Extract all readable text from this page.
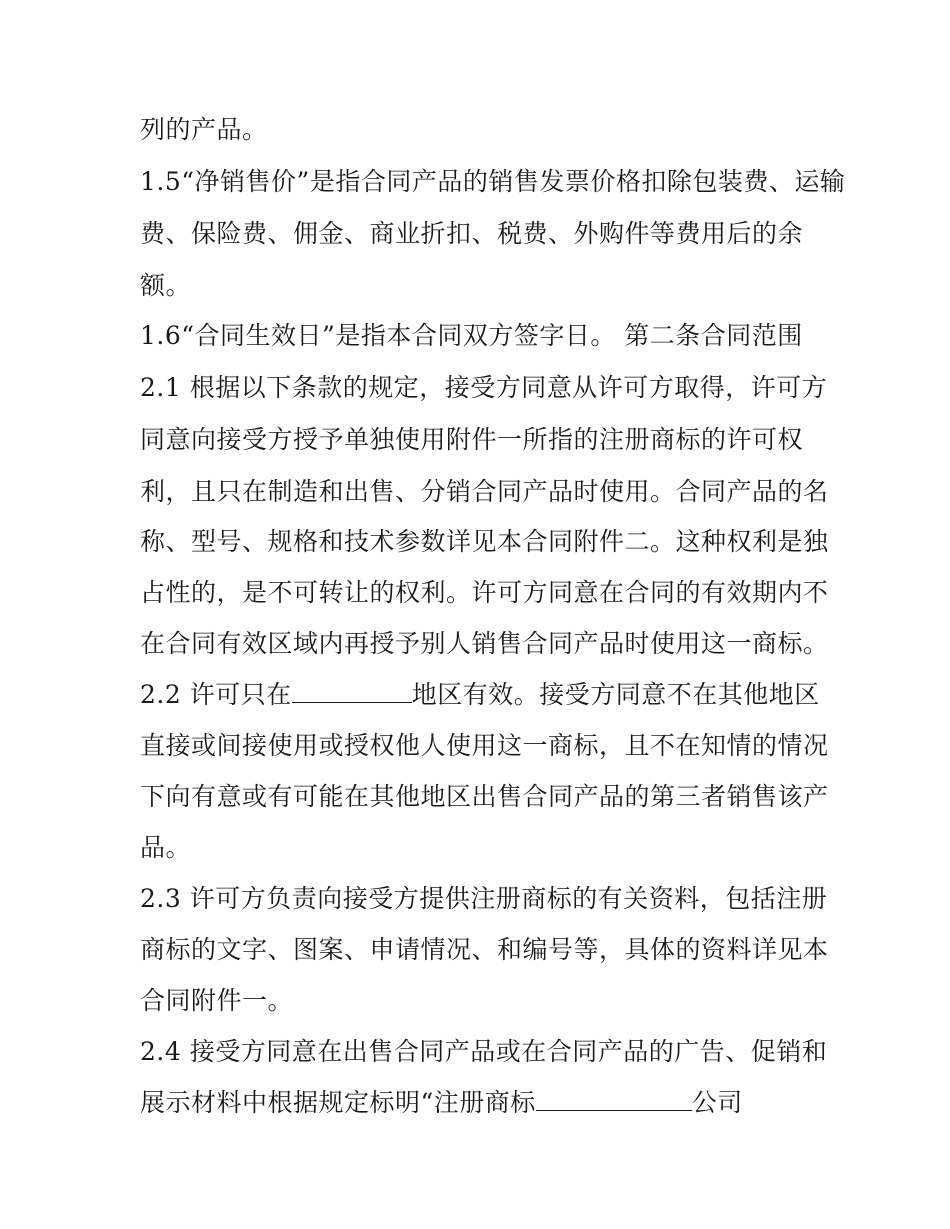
列的产品。
1.5“净销售价”是指合同产品的销售发票价格扣除包装费、运输
费、保险费、佣金、商业折扣、税费、外购件等费用后的余
额。
1.6“合同生效日”是指本合同双方签字日。 第二条合同范围
2.1 根据以下条款的规定，接受方同意从许可方取得，许可方
同意向接受方授予单独使用附件一所指的注册商标的许可权
利，且只在制造和出售、分销合同产品时使用。合同产品的名
称、型号、规格和技术参数详见本合同附件二。这种权利是独
占性的，是不可转让的权利。许可方同意在合同的有效期内不
在合同有效区域内再授予别人销售合同产品时使用这一商标。
2.2 许可只在	地区有效。接受方同意不在其他地区
直接或间接使用或授权他人使用这一商标，且不在知情的情况
下向有意或有可能在其他地区出售合同产品的第三者销售该产
品。
2.3 许可方负责向接受方提供注册商标的有关资料，包括注册
商标的文字、图案、申请情况、和编号等，具体的资料详见本
合同附件一。
2.4 接受方同意在出售合同产品或在合同产品的广告、促销和
展示材料中根据规定标明“注册商标	公司
